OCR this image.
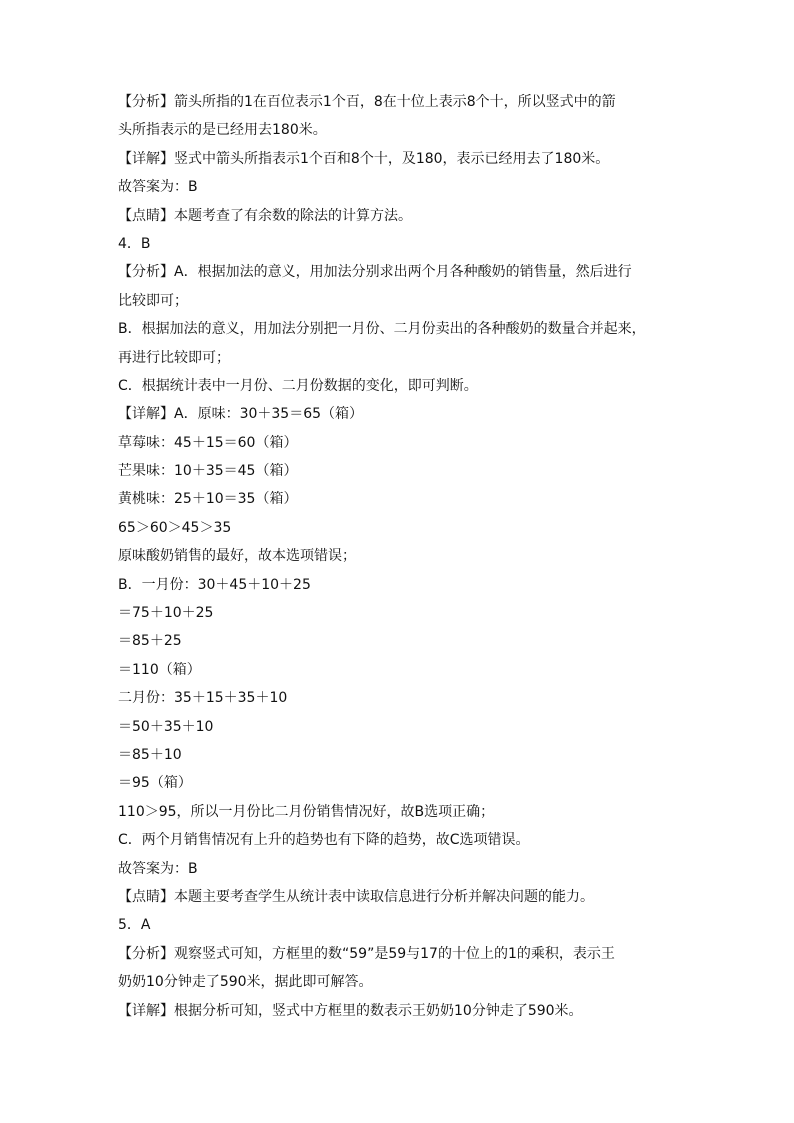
【分析】箭头所指的1在百位表示1个百，8在十位上表示8个十，所以竖式中的箭
头所指表示的是已经用去180米。
【详解】竖式中箭头所指表示1个百和8个十，及180，表示已经用去了180米。
故答案为：B
【点睛】本题考查了有余数的除法的计算方法。
4．B
【分析】A．根据加法的意义，用加法分别求出两个月各种酸奶的销售量，然后进行
比较即可；
B．根据加法的意义，用加法分别把一月份、二月份卖出的各种酸奶的数量合并起来，
再进行比较即可；
C．根据统计表中一月份、二月份数据的变化，即可判断。
【详解】A．原味：30＋35＝65（箱）
草莓味：45＋15＝60（箱）
芒果味：10＋35＝45（箱）
黄桃味：25＋10＝35（箱）
65＞60＞45＞35
原味酸奶销售的最好，故本选项错误；
B．一月份：30＋45＋10＋25
＝75＋10＋25
＝85＋25
＝110（箱）
二月份：35＋15＋35＋10
＝50＋35＋10
＝85＋10
＝95（箱）
110＞95，所以一月份比二月份销售情况好，故B选项正确；
C．两个月销售情况有上升的趋势也有下降的趋势，故C选项错误。
故答案为：B
【点睛】本题主要考查学生从统计表中读取信息进行分析并解决问题的能力。
5．A
【分析】观察竖式可知，方框里的数“59”是59与17的十位上的1的乘积，表示王
奶奶10分钟走了590米，据此即可解答。
【详解】根据分析可知，竖式中方框里的数表示王奶奶10分钟走了590米。
